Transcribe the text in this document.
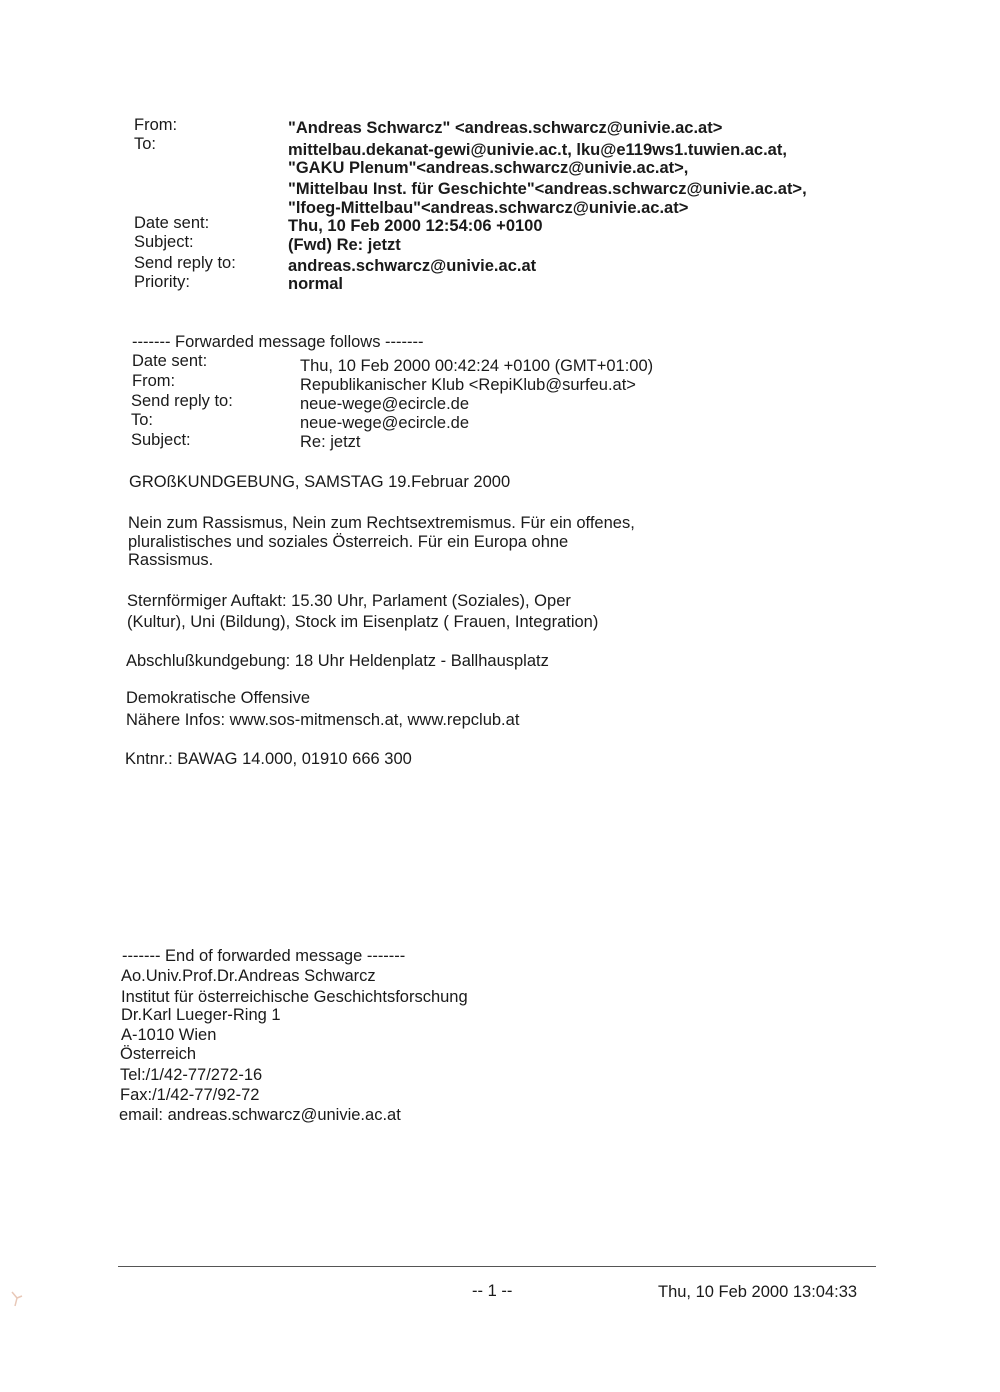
From:	"Andreas Schwarcz" <andreas.schwarcz@univie.ac.at>
To:	mittelbau.dekanat-gewi@univie.ac.t, lku@e119ws1.tuwien.ac.at,
"GAKU Plenum"<andreas.schwarcz@univie.ac.at>,
"Mittelbau Inst. für Geschichte"<andreas.schwarcz@univie.ac.at>,
"lfoeg-Mittelbau"<andreas.schwarcz@univie.ac.at>
Date sent:	Thu, 10 Feb 2000 12:54:06 +0100
Subject:	(Fwd) Re: jetzt
Send reply to:	andreas.schwarcz@univie.ac.at
Priority:	normal
------- Forwarded message follows -------
Date sent:	Thu, 10 Feb 2000 00:42:24 +0100 (GMT+01:00)
From:	Republikanischer Klub <RepiKlub@surfeu.at>
Send reply to:	neue-wege@ecircle.de
To:	neue-wege@ecircle.de
Subject:	Re: jetzt
GROßKUNDGEBUNG, SAMSTAG 19.Februar 2000
Nein zum Rassismus, Nein zum Rechtsextremismus. Für ein offenes,
pluralistisches und soziales Österreich. Für ein Europa ohne
Rassismus.
Sternförmiger Auftakt: 15.30 Uhr, Parlament (Soziales), Oper
(Kultur), Uni (Bildung), Stock im Eisenplatz ( Frauen, Integration)
Abschlußkundgebung: 18 Uhr Heldenplatz - Ballhausplatz
Demokratische Offensive
Nähere Infos: www.sos-mitmensch.at, www.repclub.at
Kntnr.: BAWAG 14.000, 01910 666 300
------- End of forwarded message -------
Ao.Univ.Prof.Dr.Andreas Schwarcz
Institut für österreichische Geschichtsforschung
Dr.Karl Lueger-Ring 1
A-1010 Wien
Österreich
Tel:/1/42-77/272-16
Fax:/1/42-77/92-72
email: andreas.schwarcz@univie.ac.at
-- 1 --	Thu, 10 Feb 2000 13:04:33
